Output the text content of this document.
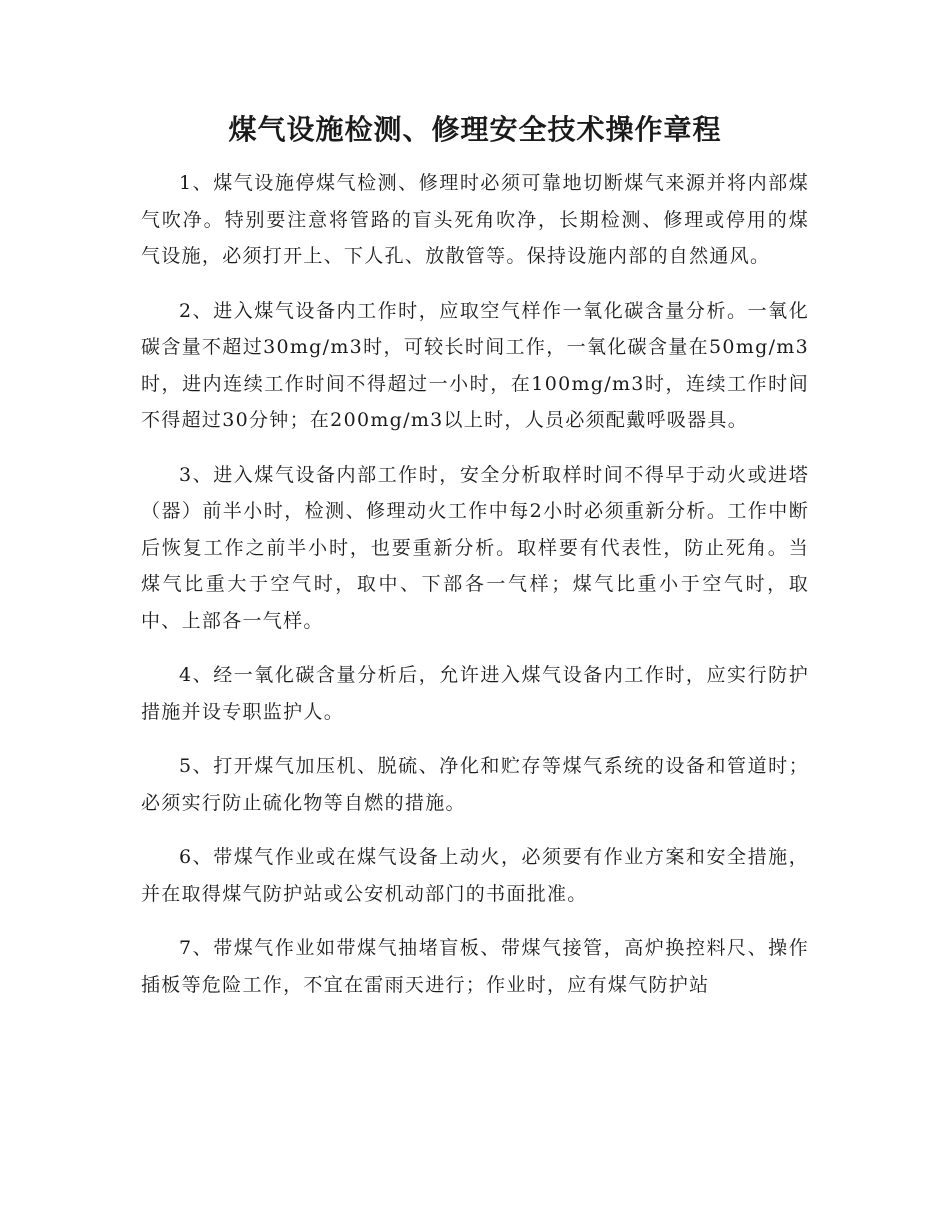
煤气设施检测、修理安全技术操作章程

1、煤气设施停煤气检测、修理时必须可靠地切断煤气来源并将内部煤气吹净。特别要注意将管路的盲头死角吹净，长期检测、修理或停用的煤气设施，必须打开上、下人孔、放散管等。保持设施内部的自然通风。

2、进入煤气设备内工作时，应取空气样作一氧化碳含量分析。一氧化碳含量不超过30mg/m3时，可较长时间工作，一氧化碳含量在50mg/m3时，进内连续工作时间不得超过一小时，在100mg/m3时，连续工作时间不得超过30分钟；在200mg/m3以上时，人员必须配戴呼吸器具。

3、进入煤气设备内部工作时，安全分析取样时间不得早于动火或进塔（器）前半小时，检测、修理动火工作中每2小时必须重新分析。工作中断后恢复工作之前半小时，也要重新分析。取样要有代表性，防止死角。当煤气比重大于空气时，取中、下部各一气样；煤气比重小于空气时，取中、上部各一气样。

4、经一氧化碳含量分析后，允许进入煤气设备内工作时，应实行防护措施并设专职监护人。

5、打开煤气加压机、脱硫、净化和贮存等煤气系统的设备和管道时；必须实行防止硫化物等自燃的措施。

6、带煤气作业或在煤气设备上动火，必须要有作业方案和安全措施，并在取得煤气防护站或公安机动部门的书面批准。

7、带煤气作业如带煤气抽堵盲板、带煤气接管，高炉换控料尺、操作插板等危险工作，不宜在雷雨天进行；作业时，应有煤气防护站
